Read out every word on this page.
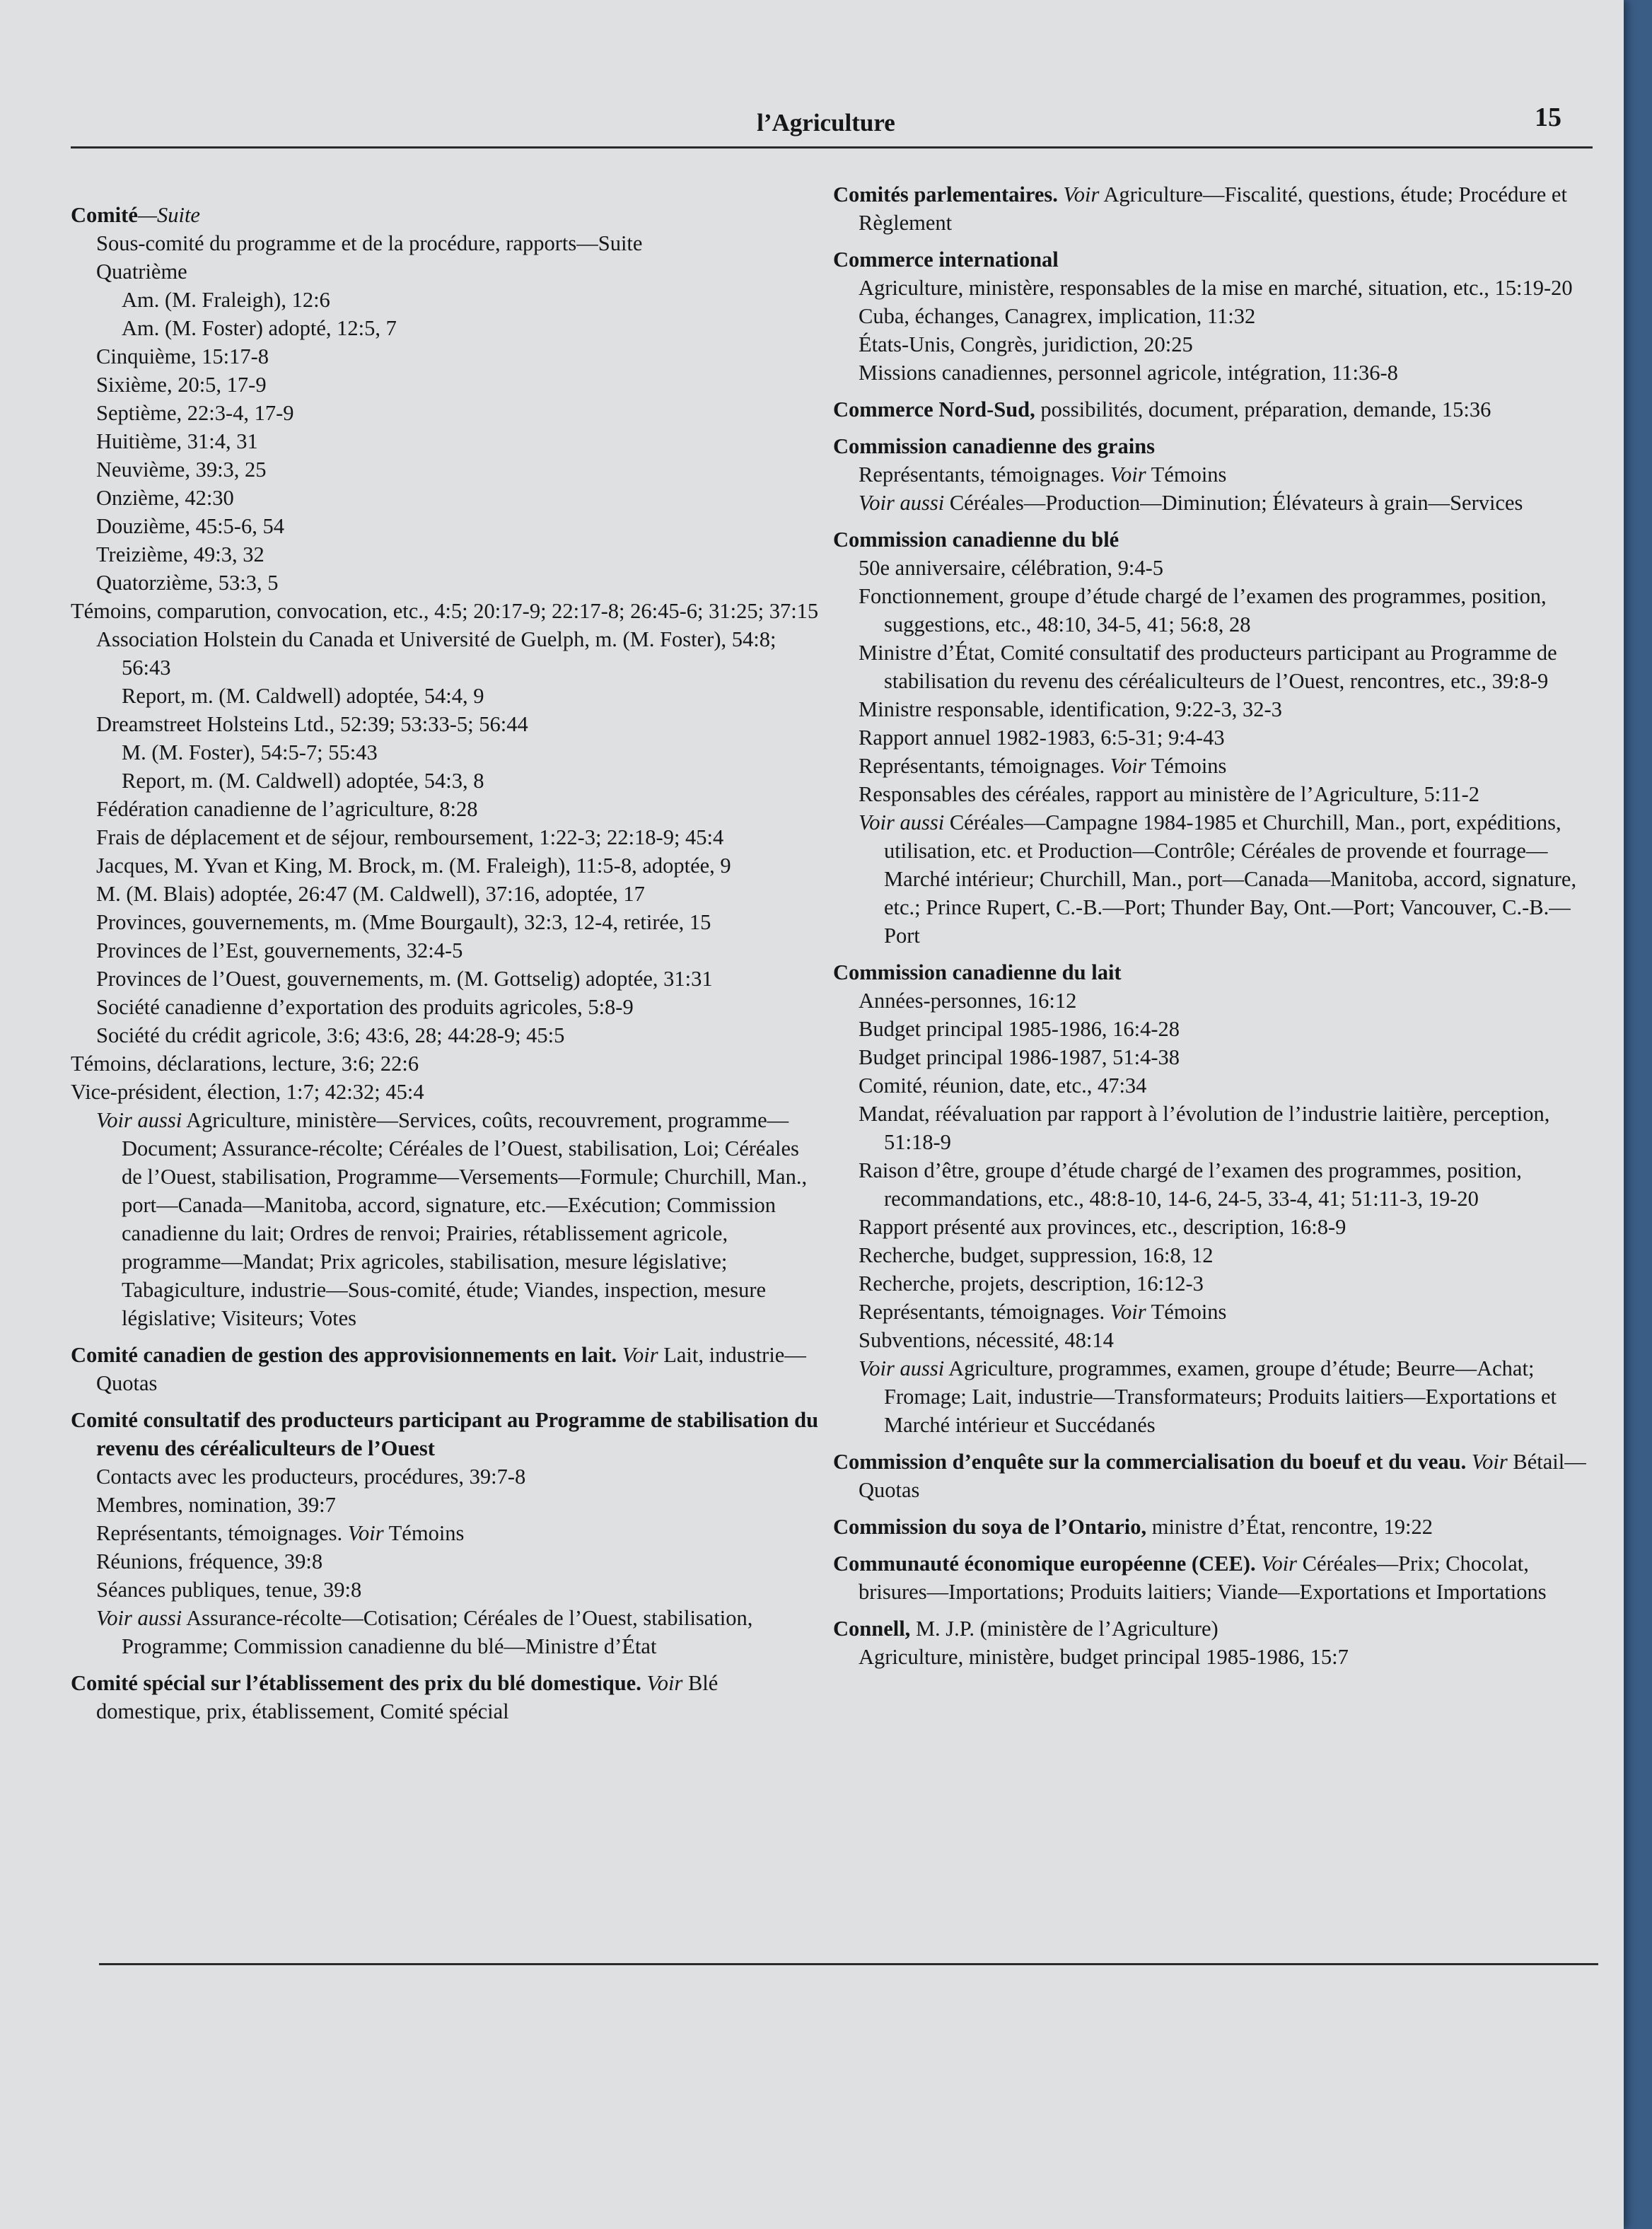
l’Agriculture	15

Comité—Suite

Sous-comité du programme et de la procédure, rapports—Suite

Quatrième

Am. (M. Fraleigh), 12:6

Am. (M. Foster) adopté, 12:5, 7

Cinquième, 15:17-8

Sixième, 20:5, 17-9

Septième, 22:3-4, 17-9

Huitième, 31:4, 31

Neuvième, 39:3, 25

Onzième, 42:30

Douzième, 45:5-6, 54

Treizième, 49:3, 32

Quatorzième, 53:3, 5

Témoins, comparution, convocation, etc., 4:5; 20:17-9; 22:17-8; 26:45-6; 31:25; 37:15

Association Holstein du Canada et Université de Guelph, m. (M. Foster), 54:8; 56:43

Report, m. (M. Caldwell) adoptée, 54:4, 9

Dreamstreet Holsteins Ltd., 52:39; 53:33-5; 56:44

M. (M. Foster), 54:5-7; 55:43

Report, m. (M. Caldwell) adoptée, 54:3, 8

Fédération canadienne de l’agriculture, 8:28

Frais de déplacement et de séjour, remboursement, 1:22-3; 22:18-9; 45:4

Jacques, M. Yvan et King, M. Brock, m. (M. Fraleigh), 11:5-8, adoptée, 9

M. (M. Blais) adoptée, 26:47 (M. Caldwell), 37:16, adoptée, 17

Provinces, gouvernements, m. (Mme Bourgault), 32:3, 12-4, retirée, 15

Provinces de l’Est, gouvernements, 32:4-5

Provinces de l’Ouest, gouvernements, m. (M. Gottselig) adoptée, 31:31

Société canadienne d’exportation des produits agricoles, 5:8-9

Société du crédit agricole, 3:6; 43:6, 28; 44:28-9; 45:5

Témoins, déclarations, lecture, 3:6; 22:6

Vice-président, élection, 1:7; 42:32; 45:4

Voir aussi Agriculture, ministère—Services, coûts, recouvrement, programme—Document; Assurance-récolte; Céréales de l’Ouest, stabilisation, Loi; Céréales de l’Ouest, stabilisation, Programme—Versements—Formule; Churchill, Man., port—Canada—Manitoba, accord, signature, etc.—Exécution; Commission canadienne du lait; Ordres de renvoi; Prairies, rétablissement agricole, programme—Mandat; Prix agricoles, stabilisation, mesure législative; Tabagiculture, industrie—Sous-comité, étude; Viandes, inspection, mesure législative; Visiteurs; Votes

Comité canadien de gestion des approvisionnements en lait. Voir Lait, industrie—Quotas

Comité consultatif des producteurs participant au Programme de stabilisation du revenu des céréaliculteurs de l’Ouest

Contacts avec les producteurs, procédures, 39:7-8

Membres, nomination, 39:7

Représentants, témoignages. Voir Témoins

Réunions, fréquence, 39:8

Séances publiques, tenue, 39:8

Voir aussi Assurance-récolte—Cotisation; Céréales de l’Ouest, stabilisation, Programme; Commission canadienne du blé—Ministre d’État

Comité spécial sur l’établissement des prix du blé domestique. Voir Blé domestique, prix, établissement, Comité spécial

Comités parlementaires. Voir Agriculture—Fiscalité, questions, étude; Procédure et Règlement

Commerce international

Agriculture, ministère, responsables de la mise en marché, situation, etc., 15:19-20

Cuba, échanges, Canagrex, implication, 11:32

États-Unis, Congrès, juridiction, 20:25

Missions canadiennes, personnel agricole, intégration, 11:36-8

Commerce Nord-Sud, possibilités, document, préparation, demande, 15:36

Commission canadienne des grains

Représentants, témoignages. Voir Témoins

Voir aussi Céréales—Production—Diminution; Élévateurs à grain—Services

Commission canadienne du blé

50e anniversaire, célébration, 9:4-5

Fonctionnement, groupe d’étude chargé de l’examen des programmes, position, suggestions, etc., 48:10, 34-5, 41; 56:8, 28

Ministre d’État, Comité consultatif des producteurs participant au Programme de stabilisation du revenu des céréaliculteurs de l’Ouest, rencontres, etc., 39:8-9

Ministre responsable, identification, 9:22-3, 32-3

Rapport annuel 1982-1983, 6:5-31; 9:4-43

Représentants, témoignages. Voir Témoins

Responsables des céréales, rapport au ministère de l’Agriculture, 5:11-2

Voir aussi Céréales—Campagne 1984-1985 et Churchill, Man., port, expéditions, utilisation, etc. et Production—Contrôle; Céréales de provende et fourrage—Marché intérieur; Churchill, Man., port—Canada—Manitoba, accord, signature, etc.; Prince Rupert, C.-B.—Port; Thunder Bay, Ont.—Port; Vancouver, C.-B.—Port

Commission canadienne du lait

Années-personnes, 16:12

Budget principal 1985-1986, 16:4-28

Budget principal 1986-1987, 51:4-38

Comité, réunion, date, etc., 47:34

Mandat, réévaluation par rapport à l’évolution de l’industrie laitière, perception, 51:18-9

Raison d’être, groupe d’étude chargé de l’examen des programmes, position, recommandations, etc., 48:8-10, 14-6, 24-5, 33-4, 41; 51:11-3, 19-20

Rapport présenté aux provinces, etc., description, 16:8-9

Recherche, budget, suppression, 16:8, 12

Recherche, projets, description, 16:12-3

Représentants, témoignages. Voir Témoins

Subventions, nécessité, 48:14

Voir aussi Agriculture, programmes, examen, groupe d’étude; Beurre—Achat; Fromage; Lait, industrie—Transformateurs; Produits laitiers—Exportations et Marché intérieur et Succédanés

Commission d’enquête sur la commercialisation du boeuf et du veau. Voir Bétail—Quotas

Commission du soya de l’Ontario, ministre d’État, rencontre, 19:22

Communauté économique européenne (CEE). Voir Céréales—Prix; Chocolat, brisures—Importations; Produits laitiers; Viande—Exportations et Importations

Connell, M. J.P. (ministère de l’Agriculture)

Agriculture, ministère, budget principal 1985-1986, 15:7
